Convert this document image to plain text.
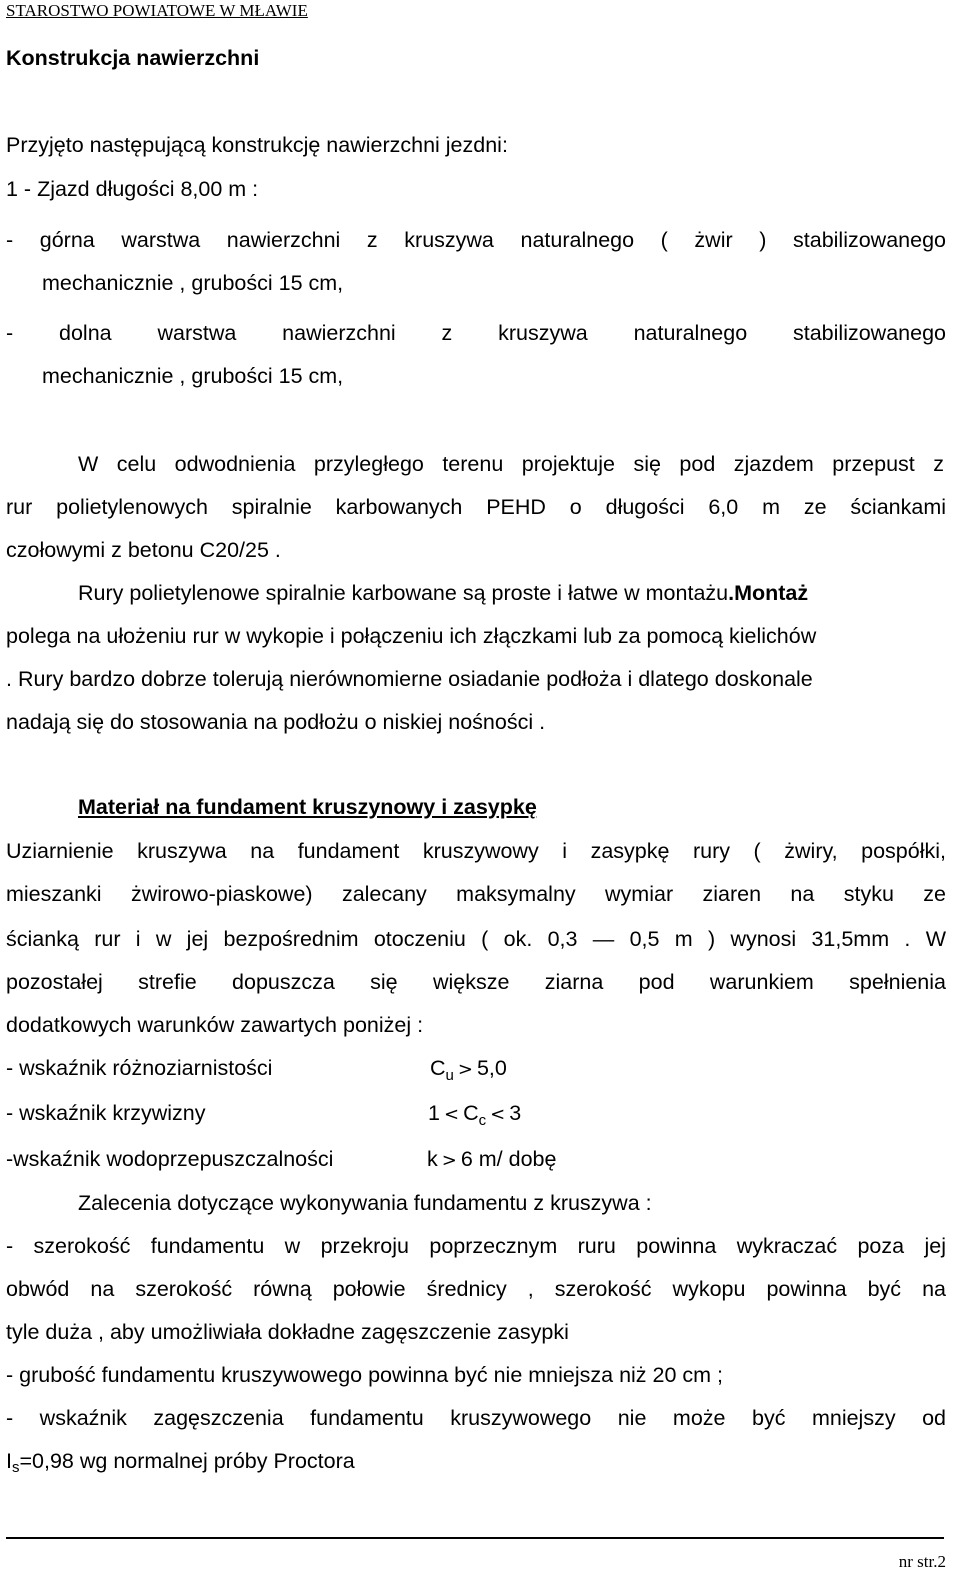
STAROSTWO POWIATOWE W MŁAWIE
Konstrukcja nawierzchni
Przyjęto następującą konstrukcję nawierzchni jezdni:
1 - Zjazd długości 8,00 m :
- górna warstwa nawierzchni z kruszywa naturalnego ( żwir ) stabilizowanego
mechanicznie , grubości 15 cm,
- dolna warstwa nawierzchni z kruszywa naturalnego stabilizowanego
mechanicznie , grubości 15 cm,
W celu odwodnienia przyległego terenu projektuje się pod zjazdem przepust z
rur polietylenowych spiralnie karbowanych PEHD o długości 6,0 m ze ściankami
czołowymi z betonu C20/25 .
Rury polietylenowe spiralnie karbowane są proste i łatwe w montażu.Montaż
polega na ułożeniu rur w wykopie i połączeniu ich złączkami lub za pomocą kielichów
. Rury bardzo dobrze tolerują nierównomierne osiadanie podłoża i dlatego doskonale
nadają się do stosowania na podłożu o niskiej nośności .
Materiał na fundament kruszynowy i zasypkę
Uziarnienie kruszywa na fundament kruszywowy i zasypkę rury ( żwiry, pospółki,
mieszanki żwirowo-piaskowe) zalecany maksymalny wymiar ziaren na styku ze
ścianką rur i w jej bezpośrednim otoczeniu ( ok. 0,3 — 0,5 m ) wynosi 31,5mm . W
pozostałej strefie dopuszcza się większe ziarna pod warunkiem spełnienia
dodatkowych warunków zawartych poniżej :
- wskaźnik różnoziarnistości	$C_u > 5,0$
- wskaźnik krzywizny	$1 < C_c < 3$
-wskaźnik wodoprzepuszczalności	k > 6 m/ dobę
Zalecenia dotyczące wykonywania fundamentu z kruszywa :
- szerokość fundamentu w przekroju poprzecznym ruru powinna wykraczać poza jej
obwód na szerokość równą połowie średnicy , szerokość wykopu powinna być na
tyle duża , aby umożliwiała dokładne zagęszczenie zasypki
- grubość fundamentu kruszywowego powinna być nie mniejsza niż 20 cm ;
- wskaźnik zagęszczenia fundamentu kruszywowego nie może być mniejszy od
Is=0,98 wg normalnej próby Proctora
nr str.2
